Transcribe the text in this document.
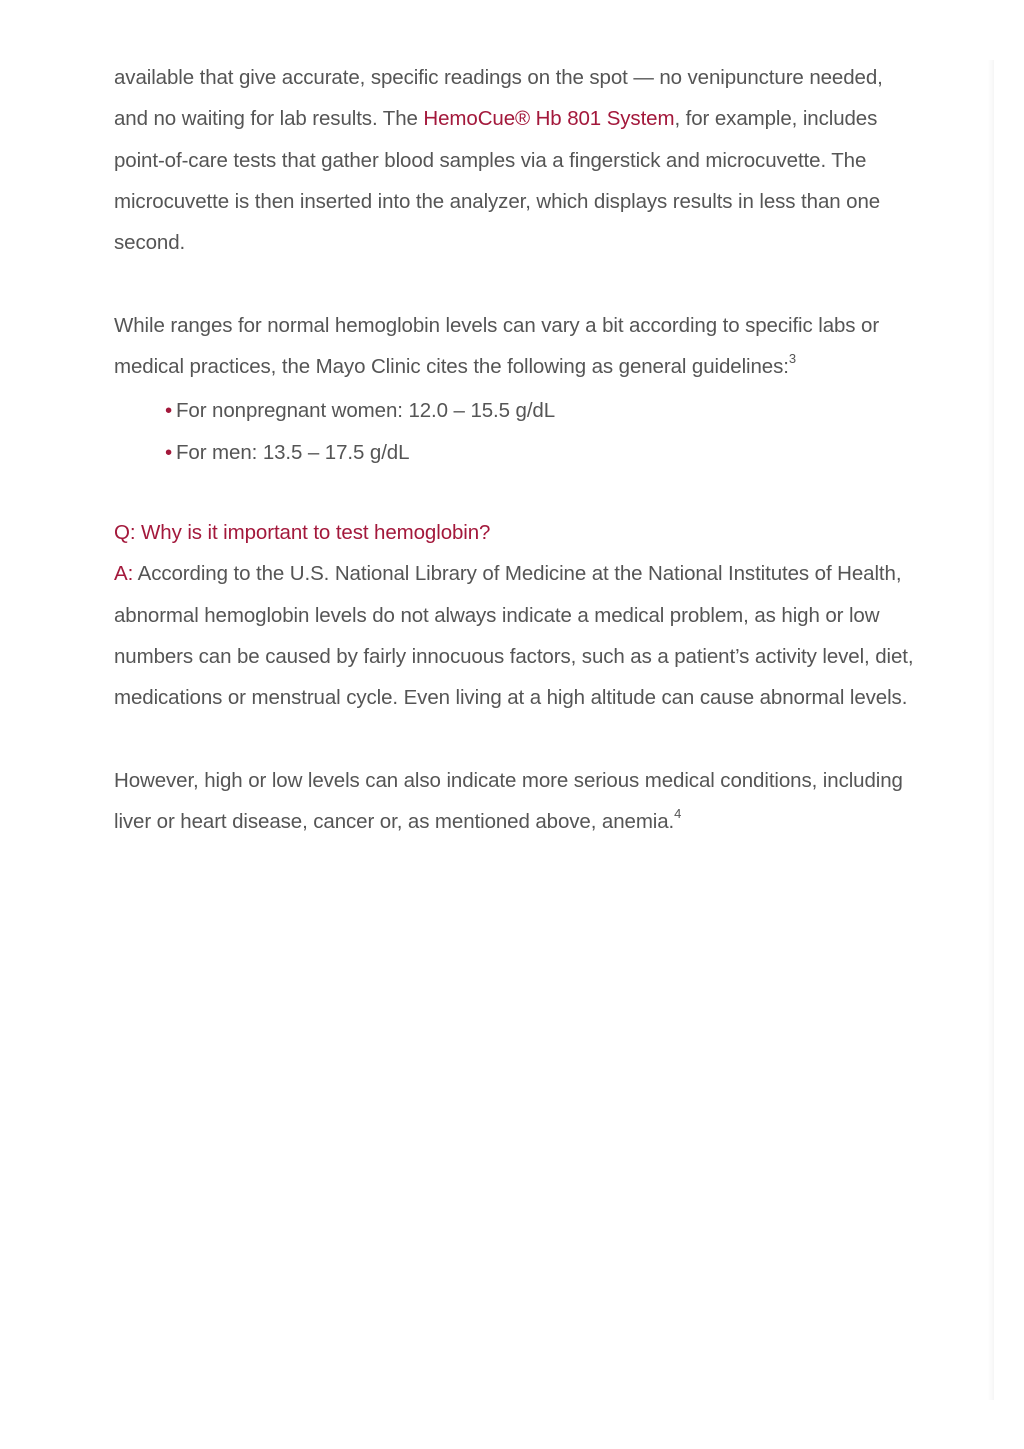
available that give accurate, specific readings on the spot — no venipuncture needed,
and no waiting for lab results. The HemoCue® Hb 801 System, for example, includes
point-of-care tests that gather blood samples via a fingerstick and microcuvette. The
microcuvette is then inserted into the analyzer, which displays results in less than one
second.
While ranges for normal hemoglobin levels can vary a bit according to specific labs or
medical practices, the Mayo Clinic cites the following as general guidelines:$^3$
• For nonpregnant women: 12.0 – 15.5 g/dL
• For men: 13.5 – 17.5 g/dL
Q: Why is it important to test hemoglobin?
A: According to the U.S. National Library of Medicine at the National Institutes of Health,
abnormal hemoglobin levels do not always indicate a medical problem, as high or low
numbers can be caused by fairly innocuous factors, such as a patient’s activity level, diet,
medications or menstrual cycle. Even living at a high altitude can cause abnormal levels.
However, high or low levels can also indicate more serious medical conditions, including
liver or heart disease, cancer or, as mentioned above, anemia.$^4$
